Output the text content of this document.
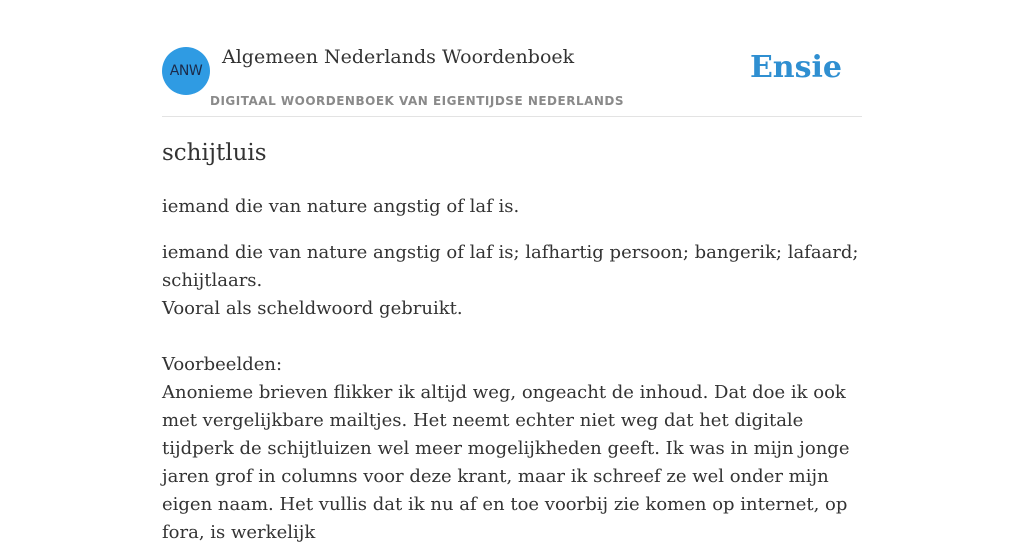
ANW
Algemeen Nederlands Woordenboek
DIGITAAL WOORDENBOEK VAN EIGENTIJDSE NEDERLANDS
Ensie
schijtluis

iemand die van nature angstig of laf is.

iemand die van nature angstig of laf is; lafhartig persoon; bangerik; lafaard; schijtlaars.

Vooral als scheldwoord gebruikt.

Voorbeelden:

Anonieme brieven flikker ik altijd weg, ongeacht de inhoud. Dat doe ik ook met vergelijkbare mailtjes. Het neemt echter niet weg dat het digitale tijdperk de schijtluizen wel meer mogelijkheden geeft. Ik was in mijn jonge jaren grof in columns voor deze krant, maar ik schreef ze wel onder mijn eigen naam. Het vullis dat ik nu af en toe voorbij zie komen op internet, op fora, is werkelijk
